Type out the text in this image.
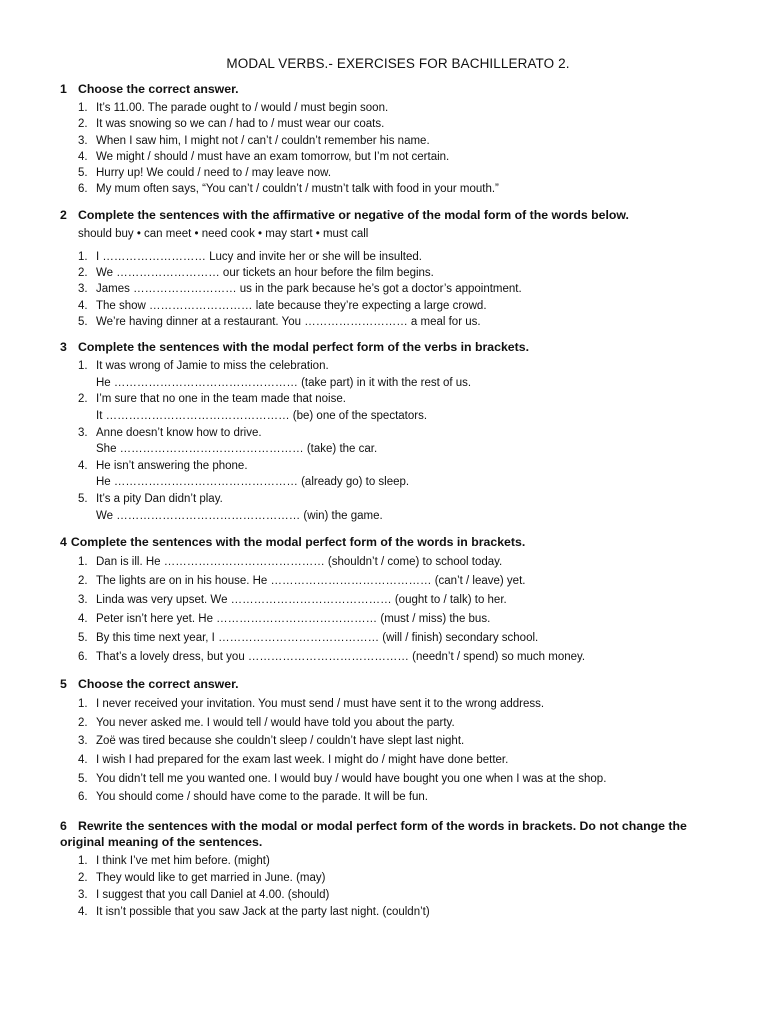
MODAL VERBS.- EXERCISES FOR BACHILLERATO 2.
1 Choose the correct answer.
1. It’s 11.00. The parade ought to / would / must begin soon.
2. It was snowing so we can / had to / must wear our coats.
3. When I saw him, I might not / can’t / couldn’t remember his name.
4. We might / should / must have an exam tomorrow, but I’m not certain.
5. Hurry up! We could / need to / may leave now.
6. My mum often says, “You can’t / couldn’t / mustn’t talk with food in your mouth.”
2 Complete the sentences with the affirmative or negative of the modal form of the words below.
should buy • can meet • need cook • may start • must call
1. I ……………………… Lucy and invite her or she will be insulted.
2. We ……………………… our tickets an hour before the film begins.
3. James ……………………… us in the park because he’s got a doctor’s appointment.
4. The show ……………………… late because they’re expecting a large crowd.
5. We’re having dinner at a restaurant. You ……………………… a meal for us.
3 Complete the sentences with the modal perfect form of the verbs in brackets.
1. It was wrong of Jamie to miss the celebration.
He ………………………………………… (take part) in it with the rest of us.
2. I’m sure that no one in the team made that noise.
It ………………………………………… (be) one of the spectators.
3. Anne doesn’t know how to drive.
She ………………………………………… (take) the car.
4. He isn’t answering the phone.
He ………………………………………… (already go) to sleep.
5. It’s a pity Dan didn’t play.
We ………………………………………… (win) the game.
4 Complete the sentences with the modal perfect form of the words in brackets.
1. Dan is ill. He …………………………………… (shouldn’t / come) to school today.
2. The lights are on in his house. He …………………………………… (can’t / leave) yet.
3. Linda was very upset. We …………………………………… (ought to / talk) to her.
4. Peter isn’t here yet. He …………………………………… (must / miss) the bus.
5. By this time next year, I …………………………………… (will / finish) secondary school.
6. That’s a lovely dress, but you …………………………………… (needn’t / spend) so much money.
5 Choose the correct answer.
1. I never received your invitation. You must send / must have sent it to the wrong address.
2. You never asked me. I would tell / would have told you about the party.
3. Zoë was tired because she couldn’t sleep / couldn’t have slept last night.
4. I wish I had prepared for the exam last week. I might do / might have done better.
5. You didn’t tell me you wanted one. I would buy / would have bought you one when I was at the shop.
6. You should come / should have come to the parade. It will be fun.
6 Rewrite the sentences with the modal or modal perfect form of the words in brackets. Do not change the original meaning of the sentences.
1. I think I’ve met him before. (might)
2. They would like to get married in June. (may)
3. I suggest that you call Daniel at 4.00. (should)
4. It isn’t possible that you saw Jack at the party last night. (couldn’t)
